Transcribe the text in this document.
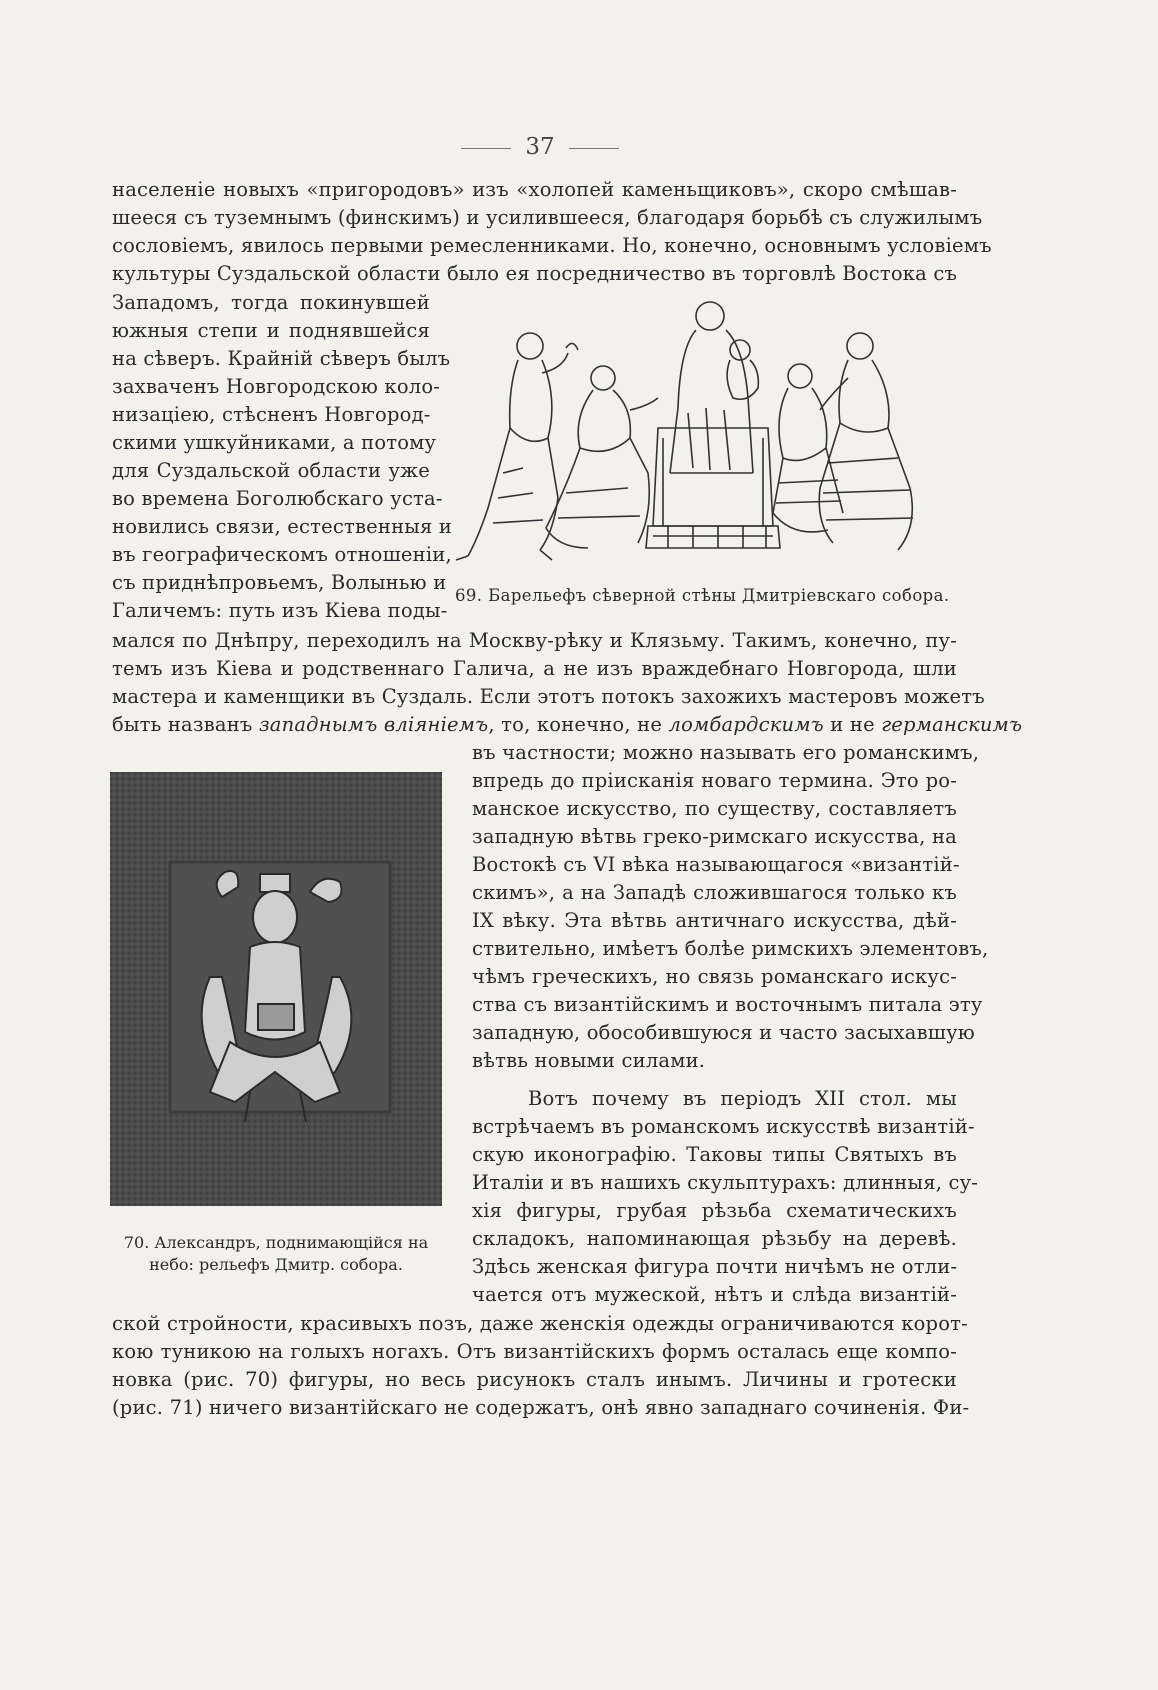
37
населеніе новыхъ «пригородовъ» изъ «холопей каменьщиковъ», скоро смѣшав-
шееся съ туземнымъ (финскимъ) и усилившееся, благодаря борьбѣ съ служилымъ
сословіемъ, явилось первыми ремесленниками. Но, конечно, основнымъ условіемъ
культуры Суздальской области было ея посредничество въ торговлѣ Востока съ
Западомъ, тогда покинувшей
южныя степи и поднявшейся
на сѣверъ. Крайній сѣверъ былъ
захваченъ Новгородскою коло-
низаціею, стѣсненъ Новгород-
скими ушкуйниками, а потому
для Суздальской области уже
во времена Боголюбскаго уста-
новились связи, естественныя и
въ географическомъ отношеніи,
съ приднѣпровьемъ, Волынью и
Галичемъ: путь изъ Кіева поды-
69. Барельефъ сѣверной стѣны Дмитріевскаго собора.
мался по Днѣпру, переходилъ на Москву-рѣку и Клязьму. Такимъ, конечно, пу-
темъ изъ Кіева и родственнаго Галича, а не изъ враждебнаго Новгорода, шли
мастера и каменщики въ Суздаль. Если этотъ потокъ захожихъ мастеровъ можетъ
быть названъ западнымъ вліяніемъ, то, конечно, не ломбардскимъ и не германскимъ
70. Александръ, поднимающійся на небо: рельефъ Дмитр. собора.
въ частности; можно называть его романскимъ,
впредь до пріисканія новаго термина. Это ро-
манское искусство, по существу, составляетъ
западную вѣтвь греко-римскаго искусства, на
Востокѣ съ VI вѣка называющагося «византій-
скимъ», а на Западѣ сложившагося только къ
IX вѣку. Эта вѣтвь античнаго искусства, дѣй-
ствительно, имѣетъ болѣе римскихъ элементовъ,
чѣмъ греческихъ, но связь романскаго искус-
ства съ византійскимъ и восточнымъ питала эту
западную, обособившуюся и часто засыхавшую
вѣтвь новыми силами.
Вотъ почему въ періодъ XII стол. мы
встрѣчаемъ въ романскомъ искусствѣ византій-
скую иконографію. Таковы типы Святыхъ въ
Италіи и въ нашихъ скульптурахъ: длинныя, су-
хія фигуры, грубая рѣзьба схематическихъ
складокъ, напоминающая рѣзьбу на деревѣ.
Здѣсь женская фигура почти ничѣмъ не отли-
чается отъ мужеской, нѣтъ и слѣда византій-
ской стройности, красивыхъ позъ, даже женскія одежды ограничиваются корот-
кою туникою на голыхъ ногахъ. Отъ византійскихъ формъ осталась еще компо-
новка (рис. 70) фигуры, но весь рисунокъ сталъ инымъ. Личины и гротески
(рис. 71) ничего византійскаго не содержатъ, онѣ явно западнаго сочиненія. Фи-
